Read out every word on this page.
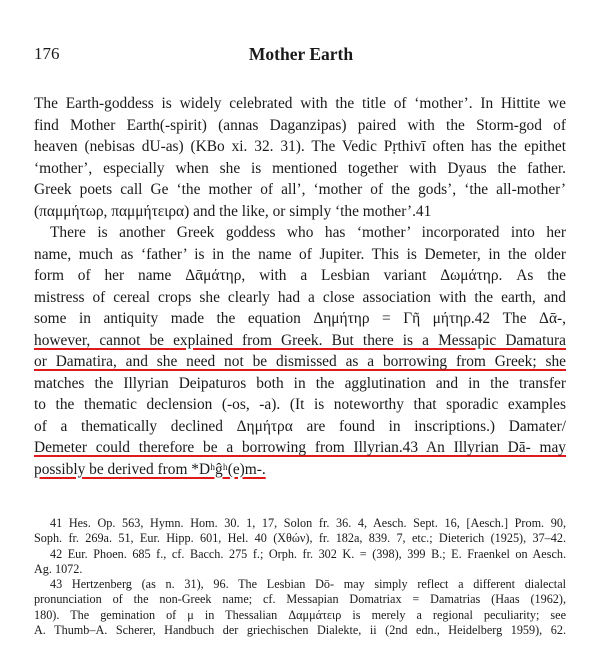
176	Mother Earth
The Earth-goddess is widely celebrated with the title of ‘mother’. In Hittite we
find Mother Earth(-spirit) (annas Daganzipas) paired with the Storm-god of
heaven (nebisas dU-as) (KBo xi. 32. 31). The Vedic Pṛthivī often has the epithet
‘mother’, especially when she is mentioned together with Dyaus the father.
Greek poets call Ge ‘the mother of all’, ‘mother of the gods’, ‘the all-mother’
(παμμήτωρ, παμμήτειρα) and the like, or simply ‘the mother’.41
There is another Greek goddess who has ‘mother’ incorporated into her
name, much as ‘father’ is in the name of Jupiter. This is Demeter, in the older
form of her name Δᾱμάτηρ, with a Lesbian variant Δωμάτηρ. As the
mistress of cereal crops she clearly had a close association with the earth, and
some in antiquity made the equation Δημήτηρ = Γῆ μήτηρ.42 The Δᾱ-,
however, cannot be explained from Greek. But there is a Messapic Damatura
or Damatira, and she need not be dismissed as a borrowing from Greek; she
matches the Illyrian Deipaturos both in the agglutination and in the transfer
to the thematic declension (-os, -a). (It is noteworthy that sporadic examples
of a thematically declined Δημήτρα are found in inscriptions.) Damater/
Demeter could therefore be a borrowing from Illyrian.43 An Illyrian Dā- may
possibly be derived from *Dʰĝʰ(e)m-.
41 Hes. Op. 563, Hymn. Hom. 30. 1, 17, Solon fr. 36. 4, Aesch. Sept. 16, [Aesch.] Prom. 90,
Soph. fr. 269a. 51, Eur. Hipp. 601, Hel. 40 (Χθών), fr. 182a, 839. 7, etc.; Dieterich (1925), 37–42.
42 Eur. Phoen. 685 f., cf. Bacch. 275 f.; Orph. fr. 302 K. = (398), 399 B.; E. Fraenkel on Aesch.
Ag. 1072.
43 Hertzenberg (as n. 31), 96. The Lesbian Dō- may simply reflect a different dialectal
pronunciation of the non-Greek name; cf. Messapian Domatriax = Damatrias (Haas (1962),
180). The gemination of μ in Thessalian Δαμμάτειρ is merely a regional peculiarity; see
A. Thumb–A. Scherer, Handbuch der griechischen Dialekte, ii (2nd edn., Heidelberg 1959), 62.
